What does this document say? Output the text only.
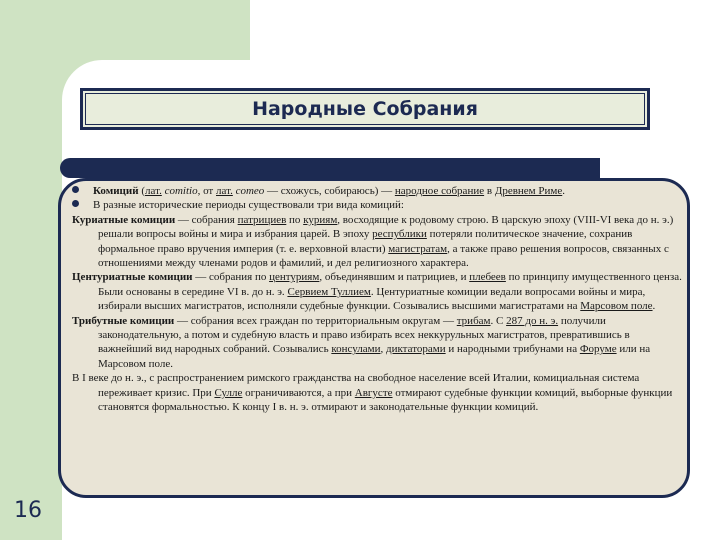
Народные Собрания

Комиций (лат. comitio, от лат. comeo — схожусь, собираюсь) — народное собрание в Древнем Риме.

В разные исторические периоды существовали три вида комиций:

Куриатные комиции — собрания патрициев по куриям, восходящие к родовому строю. В царскую эпоху (VIII-VI века до н. э.) решали вопросы войны и мира и избрания царей. В эпоху республики потеряли политическое значение, сохранив формальное право вручения империя (т. е. верховной власти) магистратам, а также право решения вопросов, связанных с отношениями между членами родов и фамилий, и дел религиозного характера.

Центуриатные комиции — собрания по центуриям, объединявшим и патрициев, и плебеев по принципу имущественного ценза. Были основаны в середине VI в. до н. э. Сервием Туллием. Центуриатные комиции ведали вопросами войны и мира, избирали высших магистратов, исполняли судебные функции. Созывались высшими магистратами на Марсовом поле.

Трибутные комиции — собрания всех граждан по территориальным округам — трибам. С 287 до н. э. получили законодательную, а потом и судебную власть и право избирать всех неккурульных магистратов, превратившись в важнейший вид народных собраний. Созывались консулами, диктаторами и народными трибунами на Форуме или на Марсовом поле.

В I веке до н. э., с распространением римского гражданства на свободное население всей Италии, комициальная система переживает кризис. При Сулле ограничиваются, а при Августе отмирают судебные функции комиций, выборные функции становятся формальностью. К концу I в. н. э. отмирают и законодательные функции комиций.

16
